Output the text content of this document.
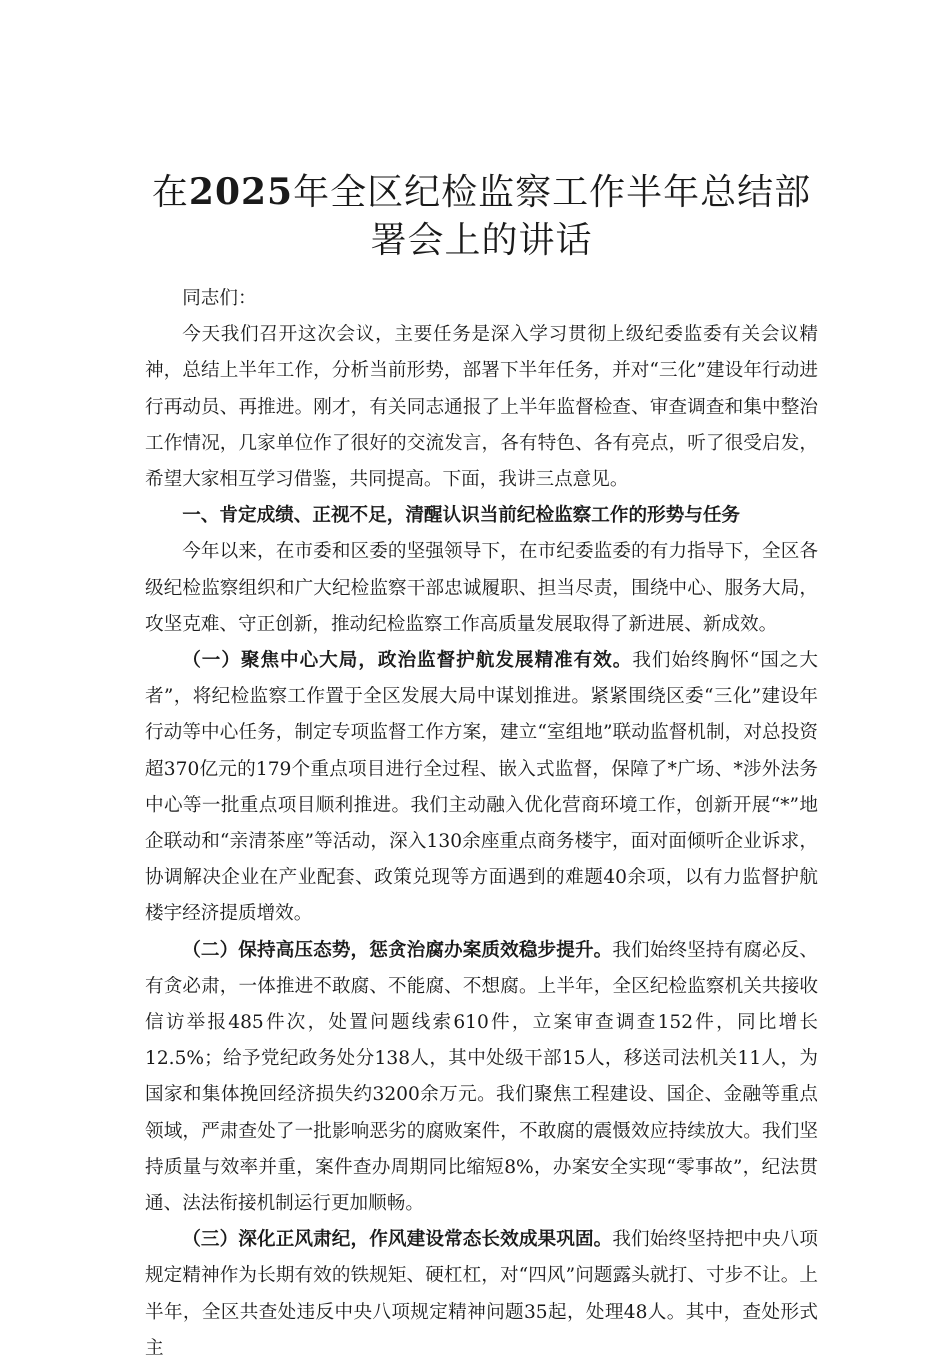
在2025年全区纪检监察工作半年总结部署会上的讲话

同志们：

今天我们召开这次会议，主要任务是深入学习贯彻上级纪委监委有关会议精神，总结上半年工作，分析当前形势，部署下半年任务，并对“三化”建设年行动进行再动员、再推进。刚才，有关同志通报了上半年监督检查、审查调查和集中整治工作情况，几家单位作了很好的交流发言，各有特色、各有亮点，听了很受启发，希望大家相互学习借鉴，共同提高。下面，我讲三点意见。

一、肯定成绩、正视不足，清醒认识当前纪检监察工作的形势与任务

今年以来，在市委和区委的坚强领导下，在市纪委监委的有力指导下，全区各级纪检监察组织和广大纪检监察干部忠诚履职、担当尽责，围绕中心、服务大局，攻坚克难、守正创新，推动纪检监察工作高质量发展取得了新进展、新成效。

（一）聚焦中心大局，政治监督护航发展精准有效。我们始终胸怀“国之大者”，将纪检监察工作置于全区发展大局中谋划推进。紧紧围绕区委“三化”建设年行动等中心任务，制定专项监督工作方案，建立“室组地”联动监督机制，对总投资超370亿元的179个重点项目进行全过程、嵌入式监督，保障了*广场、*涉外法务中心等一批重点项目顺利推进。我们主动融入优化营商环境工作，创新开展“*”地企联动和“亲清茶座”等活动，深入130余座重点商务楼宇，面对面倾听企业诉求，协调解决企业在产业配套、政策兑现等方面遇到的难题40余项，以有力监督护航楼宇经济提质增效。

（二）保持高压态势，惩贪治腐办案质效稳步提升。我们始终坚持有腐必反、有贪必肃，一体推进不敢腐、不能腐、不想腐。上半年，全区纪检监察机关共接收信访举报485件次，处置问题线索610件，立案审查调查152件，同比增长12.5%；给予党纪政务处分138人，其中处级干部15人，移送司法机关11人，为国家和集体挽回经济损失约3200余万元。我们聚焦工程建设、国企、金融等重点领域，严肃查处了一批影响恶劣的腐败案件，不敢腐的震慑效应持续放大。我们坚持质量与效率并重，案件查办周期同比缩短8%，办案安全实现“零事故”，纪法贯通、法法衔接机制运行更加顺畅。

（三）深化正风肃纪，作风建设常态长效成果巩固。我们始终坚持把中央八项规定精神作为长期有效的铁规矩、硬杠杠，对“四风”问题露头就打、寸步不让。上半年，全区共查处违反中央八项规定精神问题35起，处理48人。其中，查处形式主
